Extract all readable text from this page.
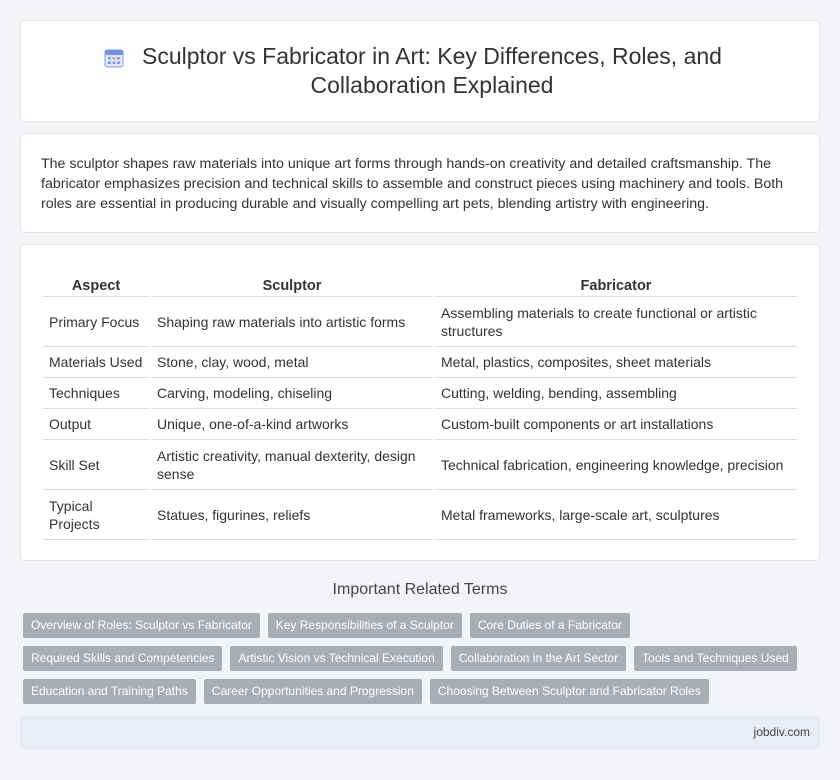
Sculptor vs Fabricator in Art: Key Differences, Roles, and Collaboration Explained

The sculptor shapes raw materials into unique art forms through hands-on creativity and detailed craftsmanship. The fabricator emphasizes precision and technical skills to assemble and construct pieces using machinery and tools. Both roles are essential in producing durable and visually compelling art pets, blending artistry with engineering.

Aspect	Sculptor	Fabricator
Primary Focus	Shaping raw materials into artistic forms	Assembling materials to create functional or artistic structures
Materials Used	Stone, clay, wood, metal	Metal, plastics, composites, sheet materials
Techniques	Carving, modeling, chiseling	Cutting, welding, bending, assembling
Output	Unique, one-of-a-kind artworks	Custom-built components or art installations
Skill Set	Artistic creativity, manual dexterity, design sense	Technical fabrication, engineering knowledge, precision
Typical Projects	Statues, figurines, reliefs	Metal frameworks, large-scale art, sculptures
Important Related Terms
Overview of Roles: Sculptor vs Fabricator	Key Responsibilities of a Sculptor	Core Duties of a Fabricator
Required Skills and Competencies	Artistic Vision vs Technical Execution	Collaboration in the Art Sector	Tools and Techniques Used
Education and Training Paths	Career Opportunities and Progression	Choosing Between Sculptor and Fabricator Roles
jobdiv.com
